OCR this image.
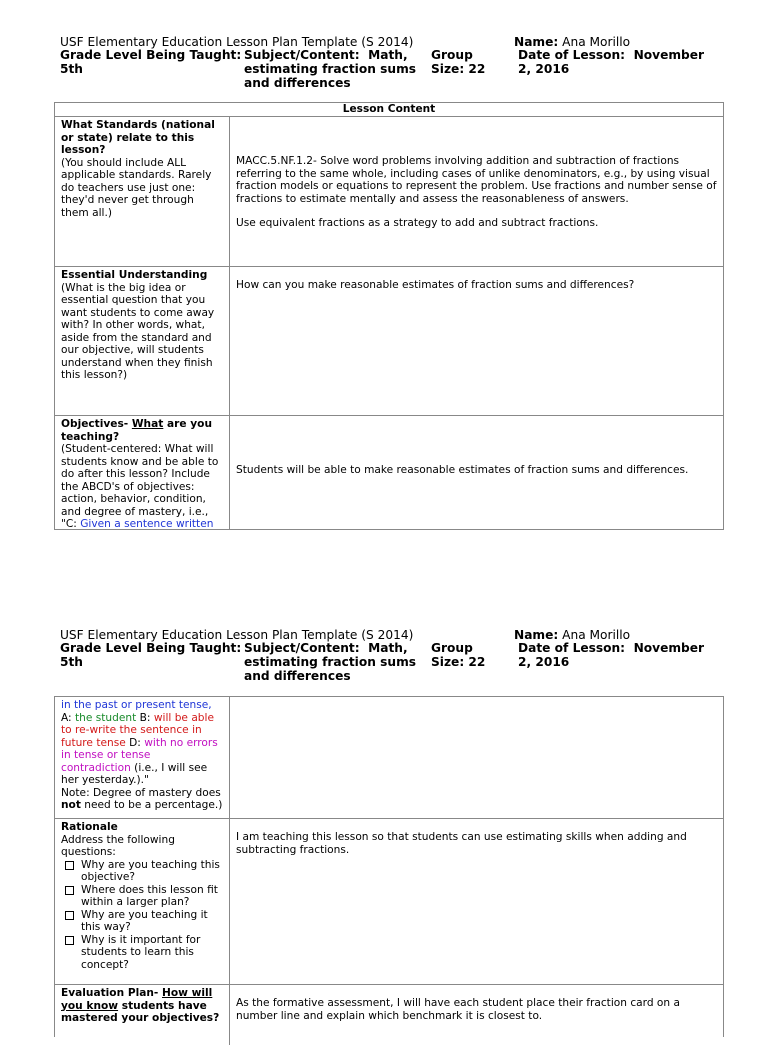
USF Elementary Education Lesson Plan Template (S 2014)	Name: Ana Morillo
Grade Level Being Taught:
5th
Subject/Content: Math,
estimating fraction sums
and differences
Group
Size: 22
Date of Lesson: November
2, 2016
Lesson Content
What Standards (national or state) relate to this lesson?
(You should include ALL applicable standards. Rarely do teachers use just one: they'd never get through them all.)
MACC.5.NF.1.2- Solve word problems involving addition and subtraction of fractions referring to the same whole, including cases of unlike denominators, e.g., by using visual fraction models or equations to represent the problem. Use fractions and number sense of fractions to estimate mentally and assess the reasonableness of answers.
Use equivalent fractions as a strategy to add and subtract fractions.
Essential Understanding
(What is the big idea or essential question that you want students to come away with? In other words, what, aside from the standard and our objective, will students understand when they finish this lesson?)
How can you make reasonable estimates of fraction sums and differences?
Objectives- What are you teaching?
(Student-centered: What will students know and be able to do after this lesson? Include the ABCD's of objectives: action, behavior, condition, and degree of mastery, i.e., "C: Given a sentence written
Students will be able to make reasonable estimates of fraction sums and differences.
USF Elementary Education Lesson Plan Template (S 2014)	Name: Ana Morillo
Grade Level Being Taught:
5th
Subject/Content: Math,
estimating fraction sums
and differences
Group
Size: 22
Date of Lesson: November
2, 2016
in the past or present tense, A: the student B: will be able to re-write the sentence in future tense D: with no errors in tense or tense contradiction (i.e., I will see her yesterday.)."
Note: Degree of mastery does not need to be a percentage.)
Rationale
Address the following questions:
Why are you teaching this objective?
Where does this lesson fit within a larger plan?
Why are you teaching it this way?
Why is it important for students to learn this concept?
I am teaching this lesson so that students can use estimating skills when adding and subtracting fractions.
Evaluation Plan- How will you know students have mastered your objectives?
As the formative assessment, I will have each student place their fraction card on a number line and explain which benchmark it is closest to.
